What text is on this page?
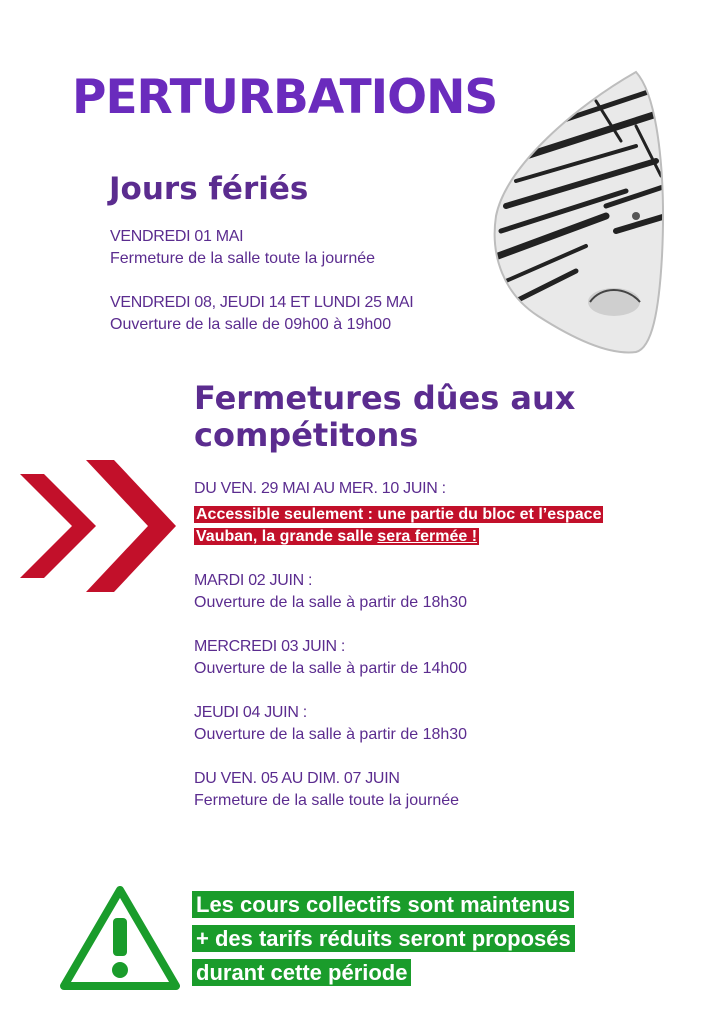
PERTURBATIONS
Jours fériés

VENDREDI 01 MAI
Fermeture de la salle toute la journée

VENDREDI 08, JEUDI 14 ET LUNDI 25 MAI
Ouverture de la salle de 09h00 à 19h00

Fermetures dûes aux
compétitons

DU VEN. 29 MAI AU MER. 10 JUIN :

Accessible seulement : une partie du bloc et l’espace Vauban, la grande salle sera fermée !

MARDI 02 JUIN :
Ouverture de la salle à partir de 18h30

MERCREDI 03 JUIN :
Ouverture de la salle à partir de 14h00

JEUDI 04 JUIN :
Ouverture de la salle à partir de 18h30

DU VEN. 05 AU DIM. 07 JUIN
Fermeture de la salle toute la journée

Les cours collectifs sont maintenus
+ des tarifs réduits seront proposés
durant cette période
